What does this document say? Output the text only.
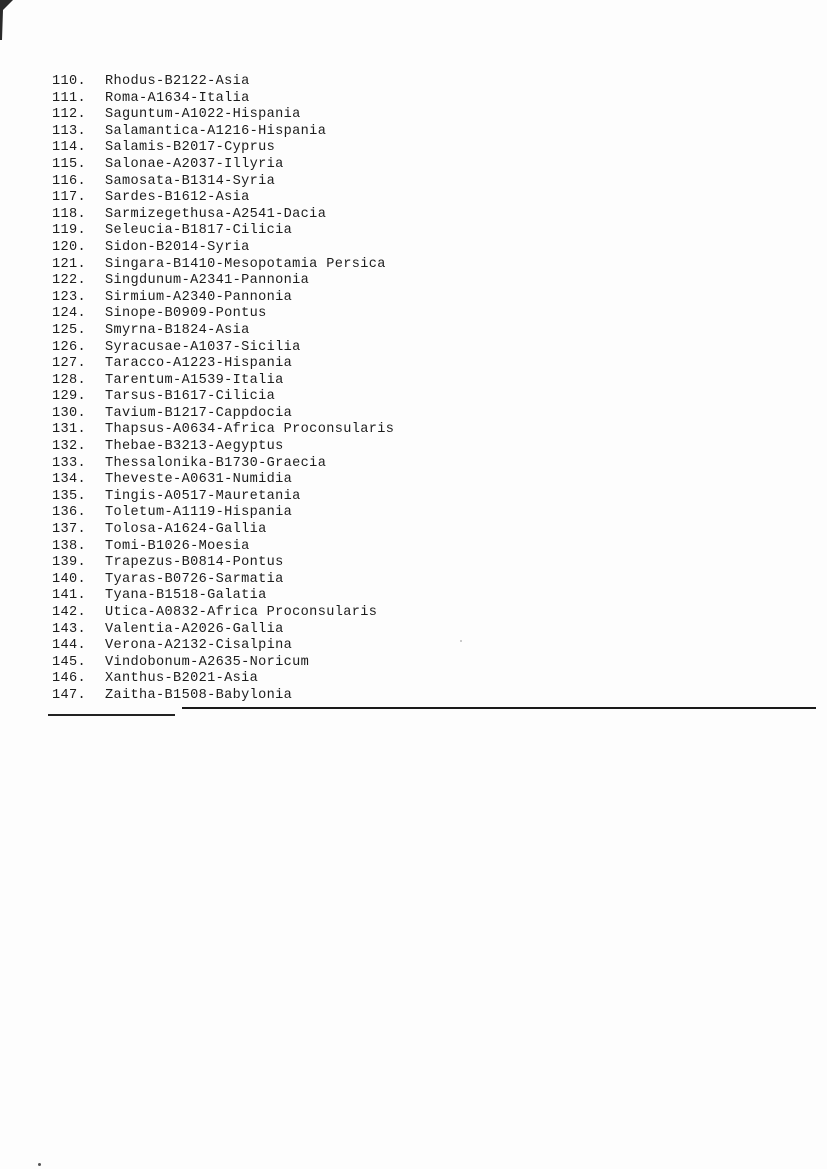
110. Rhodus-B2122-Asia
111. Roma-A1634-Italia
112. Saguntum-A1022-Hispania
113. Salamantica-A1216-Hispania
114. Salamis-B2017-Cyprus
115. Salonae-A2037-Illyria
116. Samosata-B1314-Syria
117. Sardes-B1612-Asia
118. Sarmizegethusa-A2541-Dacia
119. Seleucia-B1817-Cilicia
120. Sidon-B2014-Syria
121. Singara-B1410-Mesopotamia Persica
122. Singdunum-A2341-Pannonia
123. Sirmium-A2340-Pannonia
124. Sinope-B0909-Pontus
125. Smyrna-B1824-Asia
126. Syracusae-A1037-Sicilia
127. Taracco-A1223-Hispania
128. Tarentum-A1539-Italia
129. Tarsus-B1617-Cilicia
130. Tavium-B1217-Cappdocia
131. Thapsus-A0634-Africa Proconsularis
132. Thebae-B3213-Aegyptus
133. Thessalonika-B1730-Graecia
134. Theveste-A0631-Numidia
135. Tingis-A0517-Mauretania
136. Toletum-A1119-Hispania
137. Tolosa-A1624-Gallia
138. Tomi-B1026-Moesia
139. Trapezus-B0814-Pontus
140. Tyaras-B0726-Sarmatia
141. Tyana-B1518-Galatia
142. Utica-A0832-Africa Proconsularis
143. Valentia-A2026-Gallia
144. Verona-A2132-Cisalpina
145. Vindobonum-A2635-Noricum
146. Xanthus-B2021-Asia
147. Zaitha-B1508-Babylonia
